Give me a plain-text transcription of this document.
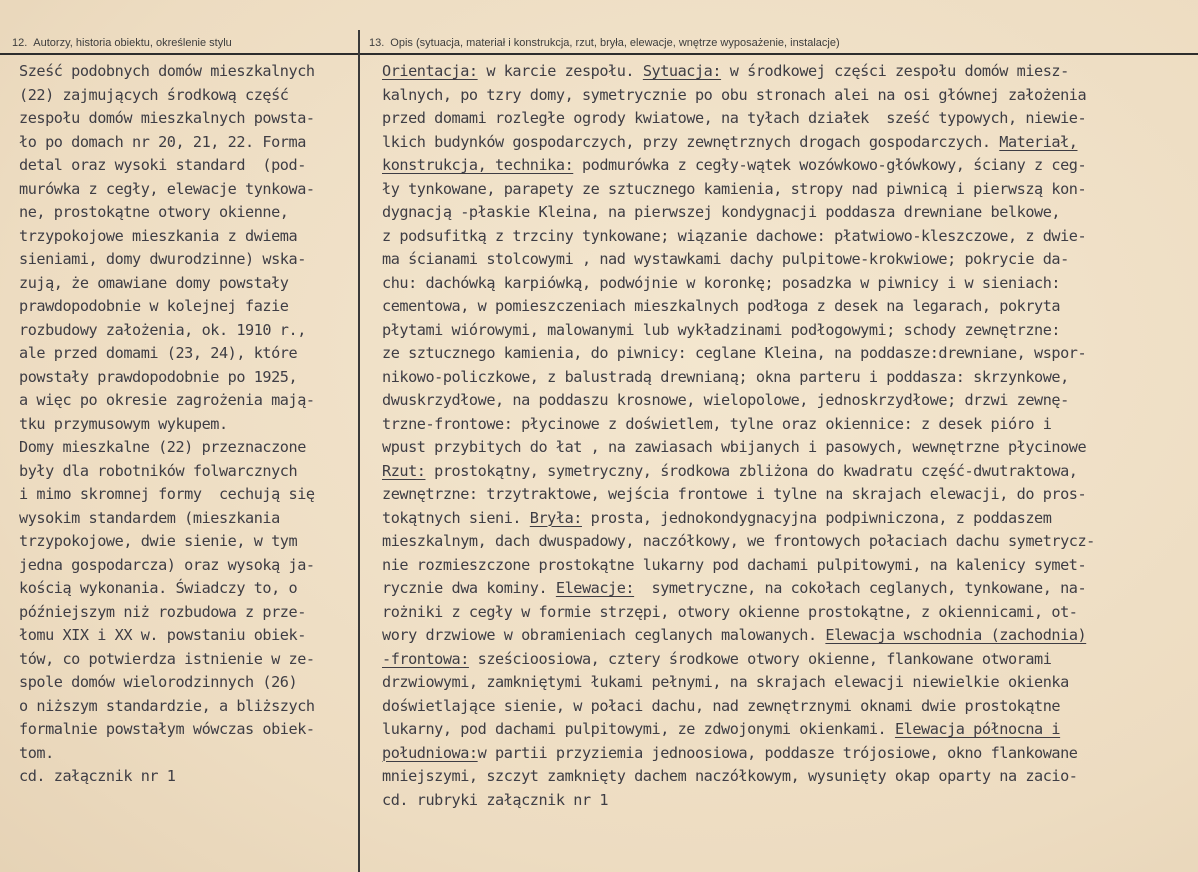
12. Autorzy, historia obiektu, określenie stylu	13. Opis (sytuacja, materiał i konstrukcja, rzut, bryła, elewacje, wnętrze wyposażenie, instalacje)
Sześć podobnych domów mieszkalnych
(22) zajmujących środkową część
zespołu domów mieszkalnych powsta-
ło po domach nr 20, 21, 22. Forma
detal oraz wysoki standard  (pod-
murówka z cegły, elewacje tynkowa-
ne, prostokątne otwory okienne,
trzypokojowe mieszkania z dwiema
sieniami, domy dwurodzinne) wska-
zują, że omawiane domy powstały
prawdopodobnie w kolejnej fazie
rozbudowy założenia, ok. 1910 r.,
ale przed domami (23, 24), które
powstały prawdopodobnie po 1925,
a więc po okresie zagrożenia mają-
tku przymusowym wykupem.
Domy mieszkalne (22) przeznaczone
były dla robotników folwarcznych
i mimo skromnej formy  cechują się
wysokim standardem (mieszkania
trzypokojowe, dwie sienie, w tym
jedna gospodarcza) oraz wysoką ja-
kością wykonania. Świadczy to, o
późniejszym niż rozbudowa z prze-
łomu XIX i XX w. powstaniu obiek-
tów, co potwierdza istnienie w ze-
spole domów wielorodzinnych (26)
o niższym standardzie, a bliższych
formalnie powstałym wówczas obiek-
tom.
cd. załącznik nr 1
Orientacja: w karcie zespołu. Sytuacja: w środkowej części zespołu domów miesz-
kalnych, po tzry domy, symetrycznie po obu stronach alei na osi głównej założenia
przed domami rozległe ogrody kwiatowe, na tyłach działek  sześć typowych, niewie-
lkich budynków gospodarczych, przy zewnętrznych drogach gospodarczych. Materiał,
konstrukcja, technika: podmurówka z cegły-wątek wozówkowo-główkowy, ściany z ceg-
ły tynkowane, parapety ze sztucznego kamienia, stropy nad piwnicą i pierwszą kon-
dygnacją -płaskie Kleina, na pierwszej kondygnacji poddasza drewniane belkowe,
z podsufitką z trzciny tynkowane; wiązanie dachowe: płatwiowo-kleszczowe, z dwie-
ma ścianami stolcowymi , nad wystawkami dachy pulpitowe-krokwiowe; pokrycie da-
chu: dachówką karpiówką, podwójnie w koronkę; posadzka w piwnicy i w sieniach:
cementowa, w pomieszczeniach mieszkalnych podłoga z desek na legarach, pokryta
płytami wiórowymi, malowanymi lub wykładzinami podłogowymi; schody zewnętrzne:
ze sztucznego kamienia, do piwnicy: ceglane Kleina, na poddasze:drewniane, wspor-
nikowo-policzkowe, z balustradą drewnianą; okna parteru i poddasza: skrzynkowe,
dwuskrzydłowe, na poddaszu krosnowe, wielopolowe, jednoskrzydłowe; drzwi zewnę-
trzne-frontowe: płycinowe z doświetlem, tylne oraz okiennice: z desek pióro i
wpust przybitych do łat , na zawiasach wbijanych i pasowych, wewnętrzne płycinowe
Rzut: prostokątny, symetryczny, środkowa zbliżona do kwadratu część-dwutraktowa,
zewnętrzne: trzytraktowe, wejścia frontowe i tylne na skrajach elewacji, do pros-
tokątnych sieni. Bryła: prosta, jednokondygnacyjna podpiwniczona, z poddaszem
mieszkalnym, dach dwuspadowy, naczółkowy, we frontowych połaciach dachu symetrycz-
nie rozmieszczone prostokątne lukarny pod dachami pulpitowymi, na kalenicy symet-
rycznie dwa kominy. Elewacje:  symetryczne, na cokołach ceglanych, tynkowane, na-
rożniki z cegły w formie strzępi, otwory okienne prostokątne, z okiennicami, ot-
wory drzwiowe w obramieniach ceglanych malowanych. Elewacja wschodnia (zachodnia)
-frontowa: sześcioosiowa, cztery środkowe otwory okienne, flankowane otworami
drzwiowymi, zamkniętymi łukami pełnymi, na skrajach elewacji niewielkie okienka
doświetlające sienie, w połaci dachu, nad zewnętrznymi oknami dwie prostokątne
lukarny, pod dachami pulpitowymi, ze zdwojonymi okienkami. Elewacja północna i
południowa:w partii przyziemia jednoosiowa, poddasze trójosiowe, okno flankowane
mniejszymi, szczyt zamknięty dachem naczółkowym, wysunięty okap oparty na zacio-
cd. rubryki załącznik nr 1
